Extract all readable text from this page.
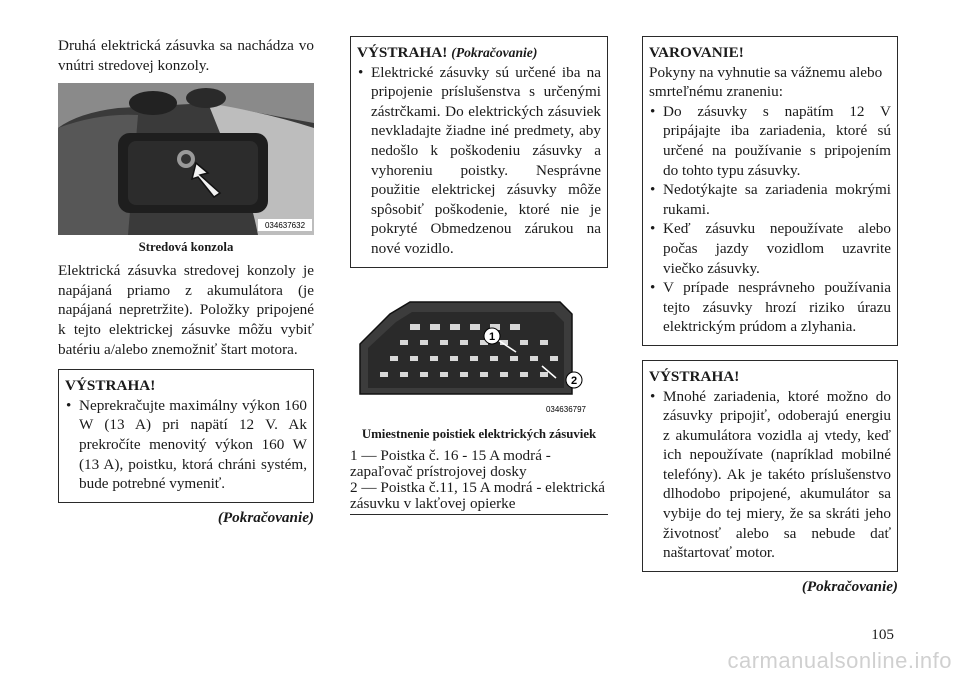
Druhá elektrická zásuvka sa nachádza vo vnútri stredovej konzoly.

034637632
Stredová konzola

Elektrická zásuvka stredovej konzoly je napájaná priamo z akumulátora (je napájaná nepretržite). Položky pripojené k tejto elektrickej zásuvke môžu vybiť batériu a/alebo znemožniť štart motora.

VÝSTRAHA!
• Neprekračujte maximálny výkon 160 W (13 A) pri napätí 12 V. Ak prekročíte menovitý výkon 160 W (13 A), poistku, ktorá chráni systém, bude potrebné vymeniť.
(Pokračovanie)
VÝSTRAHA! (Pokračovanie)
• Elektrické zásuvky sú určené iba na pripojenie príslušenstva s určenými zástrčkami. Do elektrických zásuviek nevkladajte žiadne iné predmety, aby nedošlo k poškodeniu zásuvky a vyhoreniu poistky. Nesprávne použitie elektrickej zásuvky môže spôsobiť poškodenie, ktoré nie je pokryté Obmedzenou zárukou na nové vozidlo.
1
2
034636797
Umiestnenie poistiek elektrických zásuviek
1 — Poistka č. 16 - 15 A modrá - zapaľovač prístrojovej dosky
2 — Poistka č.11, 15 A modrá - elektrická zásuvku v lakťovej opierke
VAROVANIE!

Pokyny na vyhnutie sa vážnemu alebo smrteľnému zraneniu:

• Do zásuvky s napätím 12 V pripájajte iba zariadenia, ktoré sú určené na používanie s pripojením do tohto typu zásuvky.
• Nedotýkajte sa zariadenia mokrými rukami.
• Keď zásuvku nepoužívate alebo počas jazdy vozidlom uzavrite viečko zásuvky.
• V prípade nesprávneho používania tejto zásuvky hrozí riziko úrazu elektrickým prúdom a zlyhania.
VÝSTRAHA!
• Mnohé zariadenia, ktoré možno do zásuvky pripojiť, odoberajú energiu z akumulátora vozidla aj vtedy, keď ich nepoužívate (napríklad mobilné telefóny). Ak je takéto príslušenstvo dlhodobo pripojené, akumulátor sa vybije do tej miery, že sa skráti jeho životnosť alebo sa nebude dať naštartovať motor.
(Pokračovanie)
105
carmanualsonline.info
